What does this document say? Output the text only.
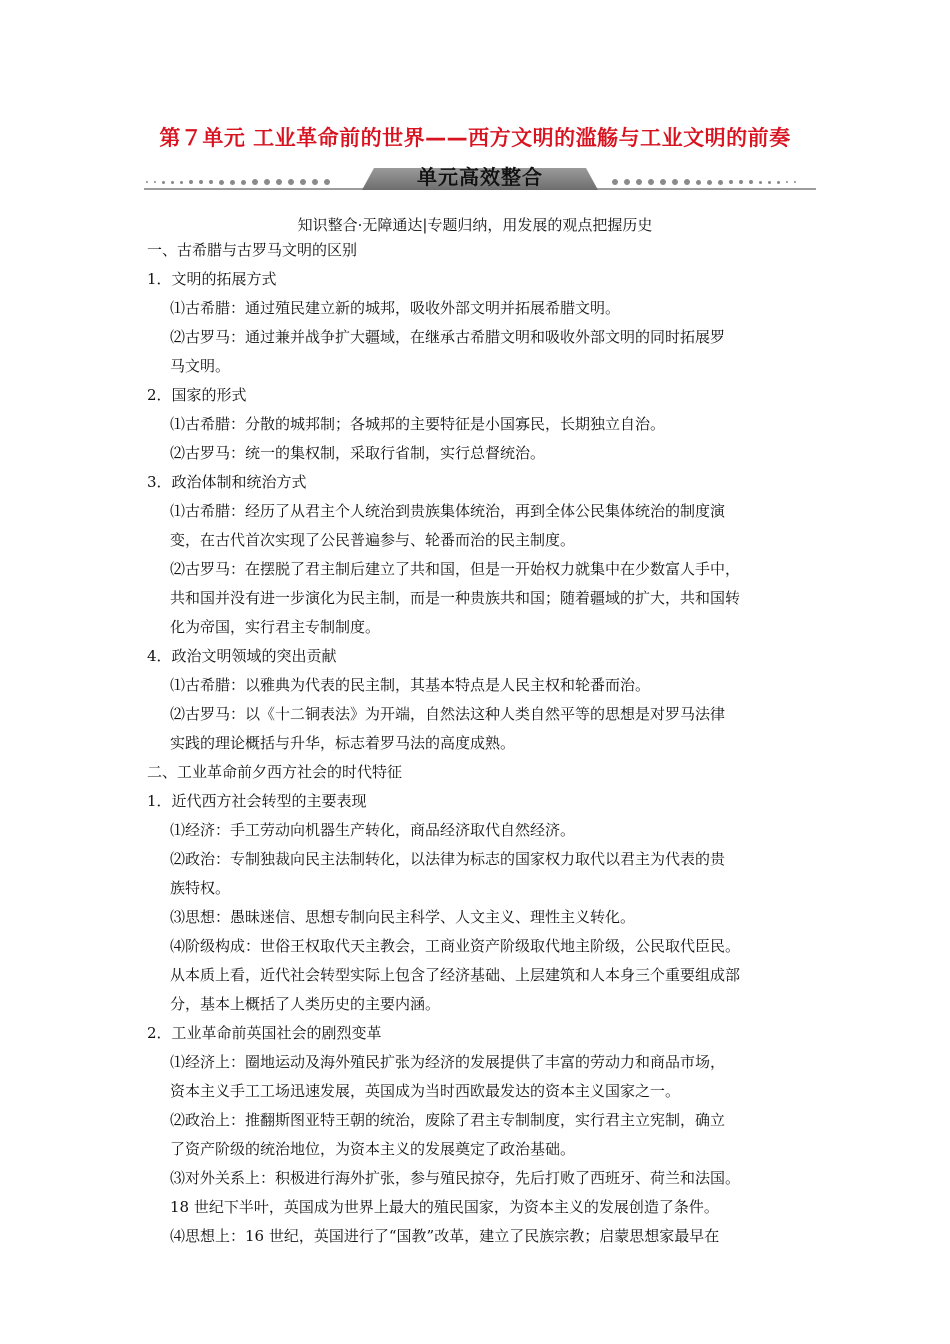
第７单元 工业革命前的世界——西方文明的滥觞与工业文明的前奏
单元高效整合
知识整合·无障通达|专题归纳，用发展的观点把握历史

一、古希腊与古罗马文明的区别

1．文明的拓展方式

⑴古希腊：通过殖民建立新的城邦，吸收外部文明并拓展希腊文明。

⑵古罗马：通过兼并战争扩大疆域，在继承古希腊文明和吸收外部文明的同时拓展罗

马文明。

2．国家的形式

⑴古希腊：分散的城邦制；各城邦的主要特征是小国寡民，长期独立自治。

⑵古罗马：统一的集权制，采取行省制，实行总督统治。

3．政治体制和统治方式

⑴古希腊：经历了从君主个人统治到贵族集体统治，再到全体公民集体统治的制度演

变，在古代首次实现了公民普遍参与、轮番而治的民主制度。

⑵古罗马：在摆脱了君主制后建立了共和国，但是一开始权力就集中在少数富人手中，

共和国并没有进一步演化为民主制，而是一种贵族共和国；随着疆域的扩大，共和国转

化为帝国，实行君主专制制度。

4．政治文明领域的突出贡献

⑴古希腊：以雅典为代表的民主制，其基本特点是人民主权和轮番而治。

⑵古罗马：以《十二铜表法》为开端，自然法这种人类自然平等的思想是对罗马法律

实践的理论概括与升华，标志着罗马法的高度成熟。

二、工业革命前夕西方社会的时代特征

1．近代西方社会转型的主要表现

⑴经济：手工劳动向机器生产转化，商品经济取代自然经济。

⑵政治：专制独裁向民主法制转化，以法律为标志的国家权力取代以君主为代表的贵

族特权。

⑶思想：愚昧迷信、思想专制向民主科学、人文主义、理性主义转化。

⑷阶级构成：世俗王权取代天主教会，工商业资产阶级取代地主阶级，公民取代臣民。

从本质上看，近代社会转型实际上包含了经济基础、上层建筑和人本身三个重要组成部

分，基本上概括了人类历史的主要内涵。

2．工业革命前英国社会的剧烈变革

⑴经济上：圈地运动及海外殖民扩张为经济的发展提供了丰富的劳动力和商品市场，

资本主义手工工场迅速发展，英国成为当时西欧最发达的资本主义国家之一。

⑵政治上：推翻斯图亚特王朝的统治，废除了君主专制制度，实行君主立宪制，确立

了资产阶级的统治地位，为资本主义的发展奠定了政治基础。

⑶对外关系上：积极进行海外扩张，参与殖民掠夺，先后打败了西班牙、荷兰和法国。

18 世纪下半叶，英国成为世界上最大的殖民国家，为资本主义的发展创造了条件。

⑷思想上：16 世纪，英国进行了“国教”改革，建立了民族宗教；启蒙思想家最早在
